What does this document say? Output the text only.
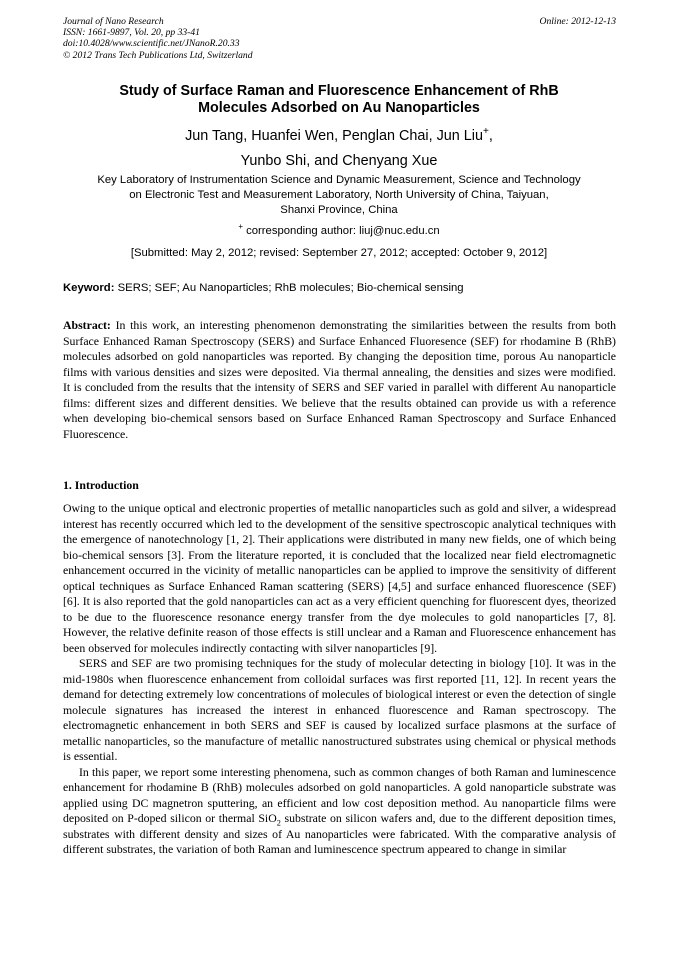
Journal of Nano Research
ISSN: 1661-9897, Vol. 20, pp 33-41
doi:10.4028/www.scientific.net/JNanoR.20.33
© 2012 Trans Tech Publications Ltd, Switzerland
Online: 2012-12-13
Study of Surface Raman and Fluorescence Enhancement of RhB
Molecules Adsorbed on Au Nanoparticles
Jun Tang, Huanfei Wen, Penglan Chai, Jun Liu+,
Yunbo Shi, and Chenyang Xue
Key Laboratory of Instrumentation Science and Dynamic Measurement, Science and Technology
on Electronic Test and Measurement Laboratory, North University of China, Taiyuan,
Shanxi Province, China
+ corresponding author: liuj@nuc.edu.cn
[Submitted: May 2, 2012; revised: September 27, 2012; accepted: October 9, 2012]
Keyword: SERS; SEF; Au Nanoparticles; RhB molecules; Bio-chemical sensing
Abstract: In this work, an interesting phenomenon demonstrating the similarities between the results from both Surface Enhanced Raman Spectroscopy (SERS) and Surface Enhanced Fluoresence (SEF) for rhodamine B (RhB) molecules adsorbed on gold nanoparticles was reported. By changing the deposition time, porous Au nanoparticle films with various densities and sizes were deposited. Via thermal annealing, the densities and sizes were modified. It is concluded from the results that the intensity of SERS and SEF varied in parallel with different Au nanoparticle films: different sizes and different densities. We believe that the results obtained can provide us with a reference when developing bio-chemical sensors based on Surface Enhanced Raman Spectroscopy and Surface Enhanced Fluorescence.
1. Introduction

Owing to the unique optical and electronic properties of metallic nanoparticles such as gold and silver, a widespread interest has recently occurred which led to the development of the sensitive spectroscopic analytical techniques with the emergence of nanotechnology [1, 2]. Their applications were distributed in many new fields, one of which being bio-chemical sensors [3]. From the literature reported, it is concluded that the localized near field electromagnetic enhancement occurred in the vicinity of metallic nanoparticles can be applied to improve the sensitivity of different optical techniques as Surface Enhanced Raman scattering (SERS) [4,5] and surface enhanced fluorescence (SEF) [6]. It is also reported that the gold nanoparticles can act as a very efficient quenching for fluorescent dyes, theorized to be due to the fluorescence resonance energy transfer from the dye molecules to gold nanoparticles [7, 8]. However, the relative definite reason of those effects is still unclear and a Raman and Fluorescence enhancement has been observed for molecules indirectly contacting with silver nanoparticles [9].

SERS and SEF are two promising techniques for the study of molecular detecting in biology [10]. It was in the mid-1980s when fluorescence enhancement from colloidal surfaces was first reported [11, 12]. In recent years the demand for detecting extremely low concentrations of molecules of biological interest or even the detection of single molecule signatures has increased the interest in enhanced fluorescence and Raman spectroscopy. The electromagnetic enhancement in both SERS and SEF is caused by localized surface plasmons at the surface of metallic nanoparticles, so the manufacture of metallic nanostructured substrates using chemical or physical methods is essential.

In this paper, we report some interesting phenomena, such as common changes of both Raman and luminescence enhancement for rhodamine B (RhB) molecules adsorbed on gold nanoparticles. A gold nanoparticle substrate was applied using DC magnetron sputtering, an efficient and low cost deposition method. Au nanoparticle films were deposited on P-doped silicon or thermal SiO$_2$ substrate on silicon wafers and, due to the different deposition times, substrates with different density and sizes of Au nanoparticles were fabricated. With the comparative analysis of different substrates, the variation of both Raman and luminescence spectrum appeared to change in similar
